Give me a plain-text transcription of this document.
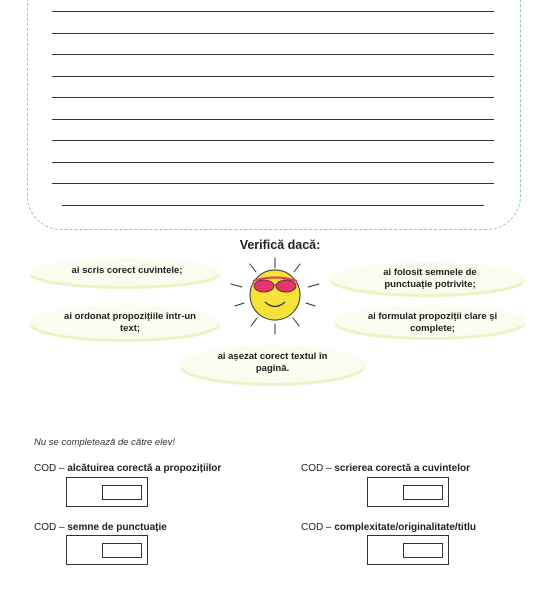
Verifică dacă:
ai scris corect cuvintele;	ai folosit semnele de punctuație potrivite;
ai ordonat propozițiile într-un text;
ai formulat propoziții clare și complete;
ai așezat corect textul în pagină.
Nu se completează de către elev!
COD – alcătuirea corectă a propozițiilor	COD – scrierea corectă a cuvintelor
COD – semne de punctuație	COD – complexitate/originalitate/titlu
